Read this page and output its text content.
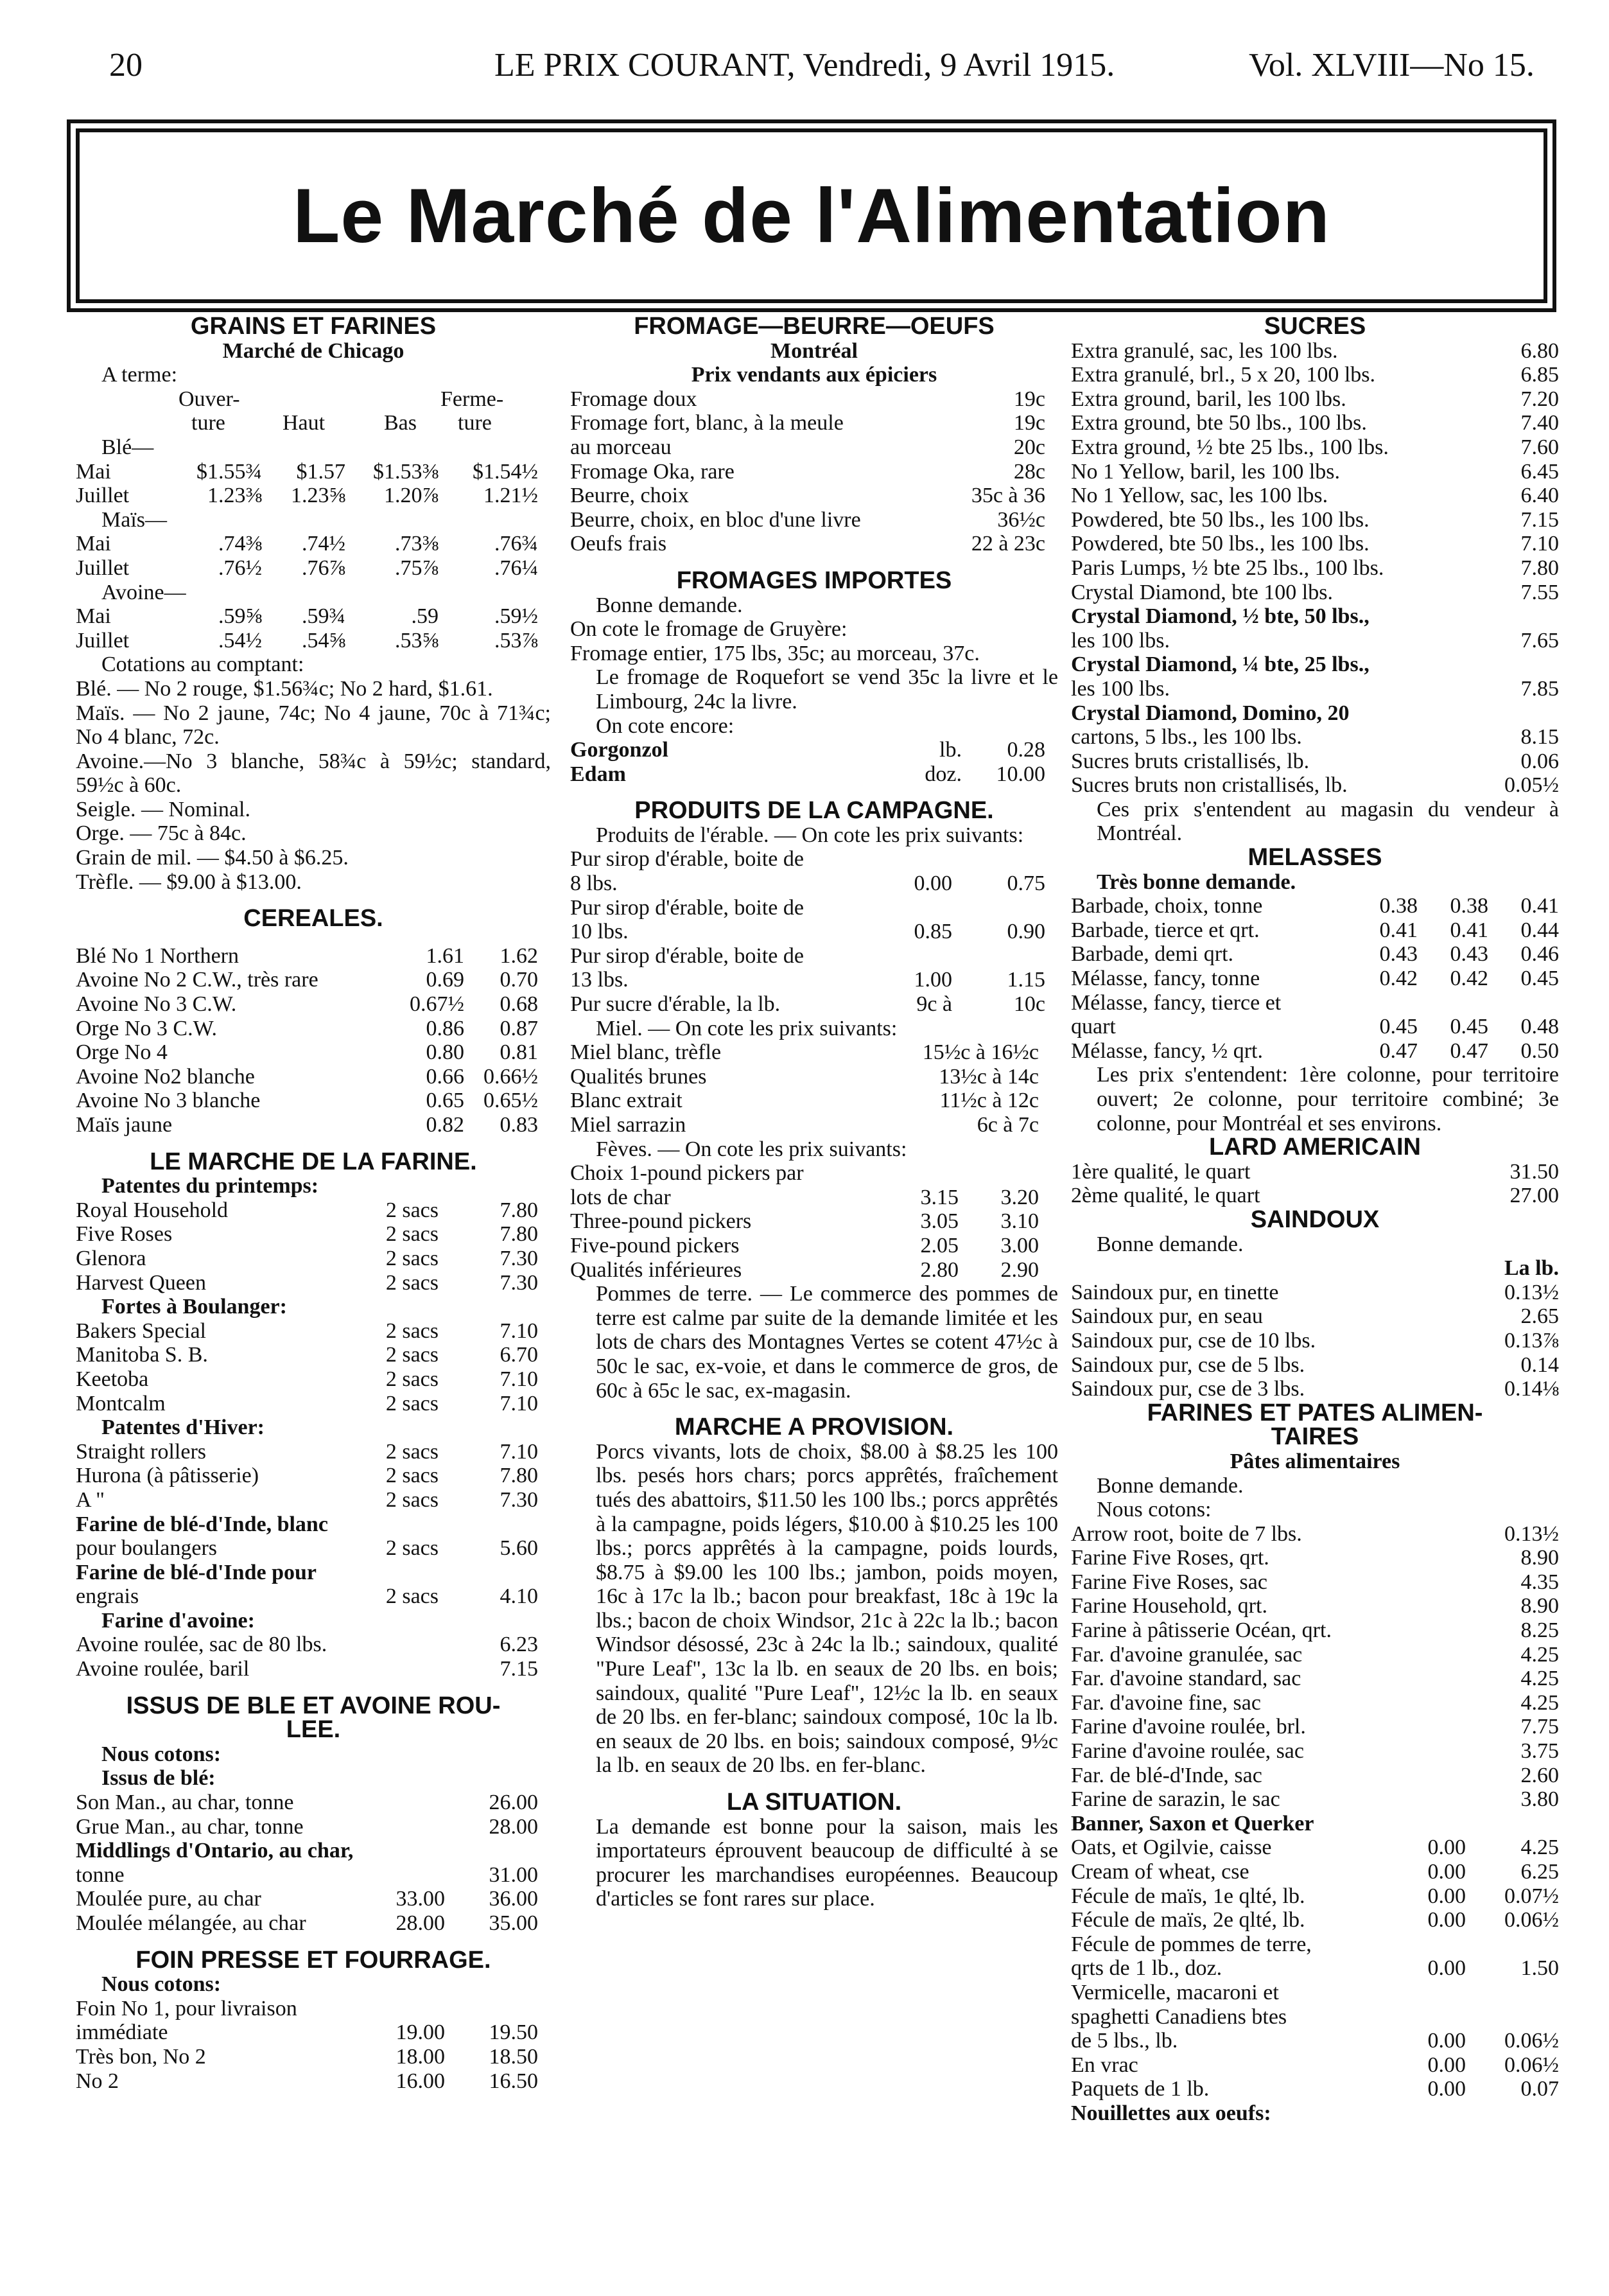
20	LE PRIX COURANT, Vendredi, 9 Avril 1915.	Vol. XLVIII—No 15.
Le Marché de l'Alimentation
GRAINS ET FARINES
Marché de Chicago
A terme:
Ouver-	Ferme-
ture	Haut	Bas ture
Blé—
Mai	$1.55¾ $1.57 $1.53⅜ $1.54½
Juillet	1.23⅜ 1.23⅝ 1.20⅞ 1.21½
Maïs—
Mai	.74⅜ .74½ .73⅜	.76¾
Juillet	.76½ .76⅞ .75⅞	.76¼
Avoine—
Mai	.59⅝ .59¾	.59	.59½
Juillet	.54½ .54⅝ .53⅝	.53⅞
Cotations au comptant:
Blé. — No 2 rouge, $1.56¾c; No 2 hard, $1.61.
Maïs. — No 2 jaune, 74c; No 4 jaune, 70c à 71¾c; No 4 blanc, 72c.
Avoine.—No 3 blanche, 58¾c à 59½c; standard, 59½c à 60c.
Seigle. — Nominal.
Orge. — 75c à 84c.
Grain de mil. — $4.50 à $6.25.
Trèfle. — $9.00 à $13.00.
CEREALES.
Blé No 1 Northern	1.61 1.62
Avoine No 2 C.W., très rare	0.69 0.70
Avoine No 3 C.W.	0.67½ 0.68
Orge No 3 C.W.	0.86 0.87
Orge No 4	0.80 0.81
Avoine No2 blanche	0.66 0.66½
Avoine No 3 blanche	0.65 0.65½
Maïs jaune	0.82 0.83
LE MARCHE DE LA FARINE.
Patentes du printemps:
Royal Household	2 sacs	7.80
Five Roses	2 sacs	7.80
Glenora	2 sacs	7.30
Harvest Queen	2 sacs	7.30
Fortes à Boulanger:
Bakers Special	2 sacs	7.10
Manitoba S. B.	2 sacs	6.70
Keetoba	2 sacs	7.10
Montcalm	2 sacs	7.10
Patentes d'Hiver:
Straight rollers	2 sacs	7.10
Hurona (à pâtisserie)	2 sacs	7.80
A "	2 sacs	7.30
Farine de blé-d'Inde, blanc
pour boulangers	2 sacs	5.60
Farine de blé-d'Inde pour
engrais	2 sacs	4.10
Farine d'avoine:
Avoine roulée, sac de 80 lbs.	6.23
Avoine roulée, baril	7.15
ISSUS DE BLE ET AVOINE ROU-
LEE.
Nous cotons:
Issus de blé:
Son Man., au char, tonne	26.00
Grue Man., au char, tonne	28.00
Middlings d'Ontario, au char,
tonne	31.00
Moulée pure, au char	33.00 36.00
Moulée mélangée, au char	28.00 35.00
FOIN PRESSE ET FOURRAGE.
Nous cotons:
Foin No 1, pour livraison
immédiate	19.00 19.50
Très bon, No 2	18.00 18.50
No 2	16.00 16.50
FROMAGE—BEURRE—OEUFS
Montréal
Prix vendants aux épiciers
Fromage doux	19c
Fromage fort, blanc, à la meule	19c
au morceau	20c
Fromage Oka, rare	28c
Beurre, choix	35c à 36
Beurre, choix, en bloc d'une livre	36½c
Oeufs frais	22 à 23c
FROMAGES IMPORTES
Bonne demande.
On cote le fromage de Gruyère:
Fromage entier, 175 lbs, 35c; au morceau, 37c.
Le fromage de Roquefort se vend 35c la livre et le Limbourg, 24c la livre.
On cote encore:
Gorgonzol	lb. 0.28
Edam	doz. 10.00
PRODUITS DE LA CAMPAGNE.
Produits de l'érable. — On cote les prix suivants:
Pur sirop d'érable, boite de
8 lbs.	0.00	0.75
Pur sirop d'érable, boite de
10 lbs.	0.85	0.90
Pur sirop d'érable, boite de
13 lbs.	1.00	1.15
Pur sucre d'érable, la lb.	9c à	10c
Miel. — On cote les prix suivants:
Miel blanc, trèfle	15½c à 16½c
Qualités brunes	13½c à 14c
Blanc extrait	11½c à 12c
Miel sarrazin	6c à 7c
Fèves. — On cote les prix suivants:
Choix 1-pound pickers par
lots de char	3.15 3.20
Three-pound pickers	3.05 3.10
Five-pound pickers	2.05 3.00
Qualités inférieures	2.80 2.90
Pommes de terre. — Le commerce des pommes de terre est calme par suite de la demande limitée et les lots de chars des Montagnes Vertes se cotent 47½c à 50c le sac, ex-voie, et dans le commerce de gros, de 60c à 65c le sac, ex-magasin.
MARCHE A PROVISION.
Porcs vivants, lots de choix, $8.00 à $8.25 les 100 lbs. pesés hors chars; porcs apprêtés, fraîchement tués des abattoirs, $11.50 les 100 lbs.; porcs apprêtés à la campagne, poids légers, $10.00 à $10.25 les 100 lbs.; porcs apprêtés à la campagne, poids lourds, $8.75 à $9.00 les 100 lbs.; jambon, poids moyen, 16c à 17c la lb.; bacon pour breakfast, 18c à 19c la lbs.; bacon de choix Windsor, 21c à 22c la lb.; bacon Windsor désossé, 23c à 24c la lb.; saindoux, qualité "Pure Leaf", 13c la lb. en seaux de 20 lbs. en bois; saindoux, qualité "Pure Leaf", 12½c la lb. en seaux de 20 lbs. en fer-blanc; saindoux composé, 10c la lb. en seaux de 20 lbs. en bois; saindoux composé, 9½c la lb. en seaux de 20 lbs. en fer-blanc.
LA SITUATION.
La demande est bonne pour la saison, mais les importateurs éprouvent beaucoup de difficulté à se procurer les marchandises européennes. Beaucoup d'articles se font rares sur place.
SUCRES
Extra granulé, sac, les 100 lbs.	6.80
Extra granulé, brl., 5 x 20, 100 lbs.	6.85
Extra ground, baril, les 100 lbs.	7.20
Extra ground, bte 50 lbs., 100 lbs.	7.40
Extra ground, ½ bte 25 lbs., 100 lbs.	7.60
No 1 Yellow, baril, les 100 lbs.	6.45
No 1 Yellow, sac, les 100 lbs.	6.40
Powdered, bte 50 lbs., les 100 lbs.	7.15
Powdered, bte 50 lbs., les 100 lbs.	7.10
Paris Lumps, ½ bte 25 lbs., 100 lbs.	7.80
Crystal Diamond, bte 100 lbs.	7.55
Crystal Diamond, ½ bte, 50 lbs.,
les 100 lbs.	7.65
Crystal Diamond, ¼ bte, 25 lbs.,
les 100 lbs.	7.85
Crystal Diamond, Domino, 20
cartons, 5 lbs., les 100 lbs.	8.15
Sucres bruts cristallisés, lb.	0.06
Sucres bruts non cristallisés, lb.	0.05½
Ces prix s'entendent au magasin du vendeur à Montréal.
MELASSES
Très bonne demande.
Barbade, choix, tonne	0.38 0.38 0.41
Barbade, tierce et qrt.	0.41 0.41 0.44
Barbade, demi qrt.	0.43 0.43 0.46
Mélasse, fancy, tonne	0.42 0.42 0.45
Mélasse, fancy, tierce et
quart	0.45 0.45 0.48
Mélasse, fancy, ½ qrt.	0.47 0.47 0.50
Les prix s'entendent: 1ère colonne, pour territoire ouvert; 2e colonne, pour territoire combiné; 3e colonne, pour Montréal et ses environs.
LARD AMERICAIN
1ère qualité, le quart	31.50
2ème qualité, le quart	27.00
SAINDOUX
Bonne demande.
La lb.
Saindoux pur, en tinette	0.13½
Saindoux pur, en seau	2.65
Saindoux pur, cse de 10 lbs.	0.13⅞
Saindoux pur, cse de 5 lbs.	0.14
Saindoux pur, cse de 3 lbs.	0.14⅛
FARINES ET PATES ALIMEN-
TAIRES
Pâtes alimentaires
Bonne demande.
Nous cotons:
Arrow root, boite de 7 lbs.	0.13½
Farine Five Roses, qrt.	8.90
Farine Five Roses, sac	4.35
Farine Household, qrt.	8.90
Farine à pâtisserie Océan, qrt.	8.25
Far. d'avoine granulée, sac	4.25
Far. d'avoine standard, sac	4.25
Far. d'avoine fine, sac	4.25
Farine d'avoine roulée, brl.	7.75
Farine d'avoine roulée, sac	3.75
Far. de blé-d'Inde, sac	2.60
Farine de sarazin, le sac	3.80
Banner, Saxon et Querker
Oats, et Ogilvie, caisse	0.00	4.25
Cream of wheat, cse	0.00	6.25
Fécule de maïs, 1e qlté, lb.	0.00 0.07½
Fécule de maïs, 2e qlté, lb.	0.00 0.06½
Fécule de pommes de terre,
qrts de 1 lb., doz.	0.00	1.50
Vermicelle, macaroni et
spaghetti Canadiens btes
de 5 lbs., lb.	0.00 0.06½
En vrac	0.00 0.06½
Paquets de 1 lb.	0.00	0.07
Nouillettes aux oeufs:
